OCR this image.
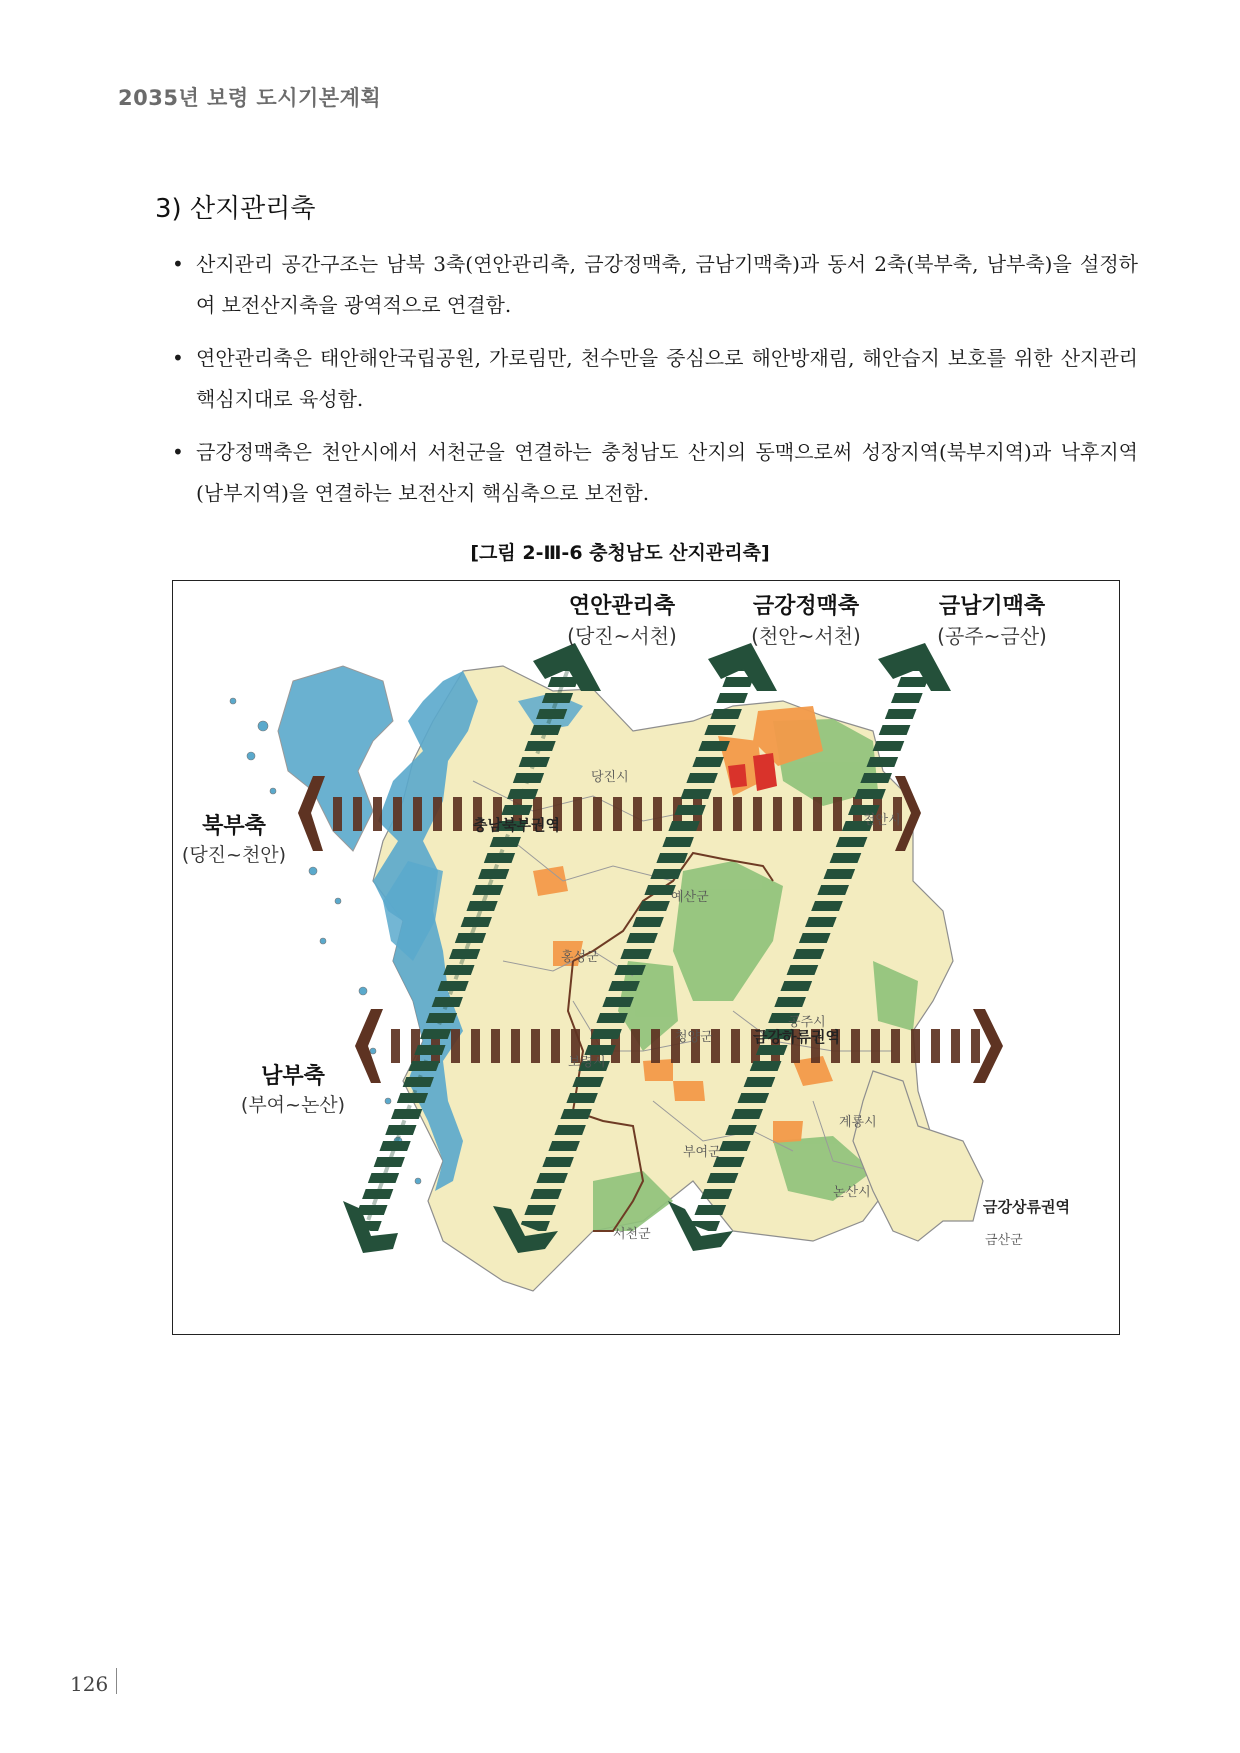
2035년 보령 도시기본계획
3) 산지관리축
• 산지관리 공간구조는 남북 3축(연안관리축, 금강정맥축, 금남기맥축)과 동서 2축(북부축, 남부축)을 설정하여 보전산지축을 광역적으로 연결함.
• 연안관리축은 태안해안국립공원, 가로림만, 천수만을 중심으로 해안방재림, 해안습지 보호를 위한 산지관리 핵심지대로 육성함.
• 금강정맥축은 천안시에서 서천군을 연결하는 충청남도 산지의 동맥으로써 성장지역(북부지역)과 낙후지역(남부지역)을 연결하는 보전산지 핵심축으로 보전함.
[그림 2-Ⅲ-6 충청남도 산지관리축]
연안관리축
(당진~서천)
금강정맥축
(천안~서천)
금남기맥축
(공주~금산)
북부축
(당진~천안)
남부축
(부여~논산)
당진시
충남북부권역	천안시
예산군
홍성군
공주시
청양군	금강하류권역
보령시
계룡시
부여군
논산시
서천군
금강상류권역
금산군
126
